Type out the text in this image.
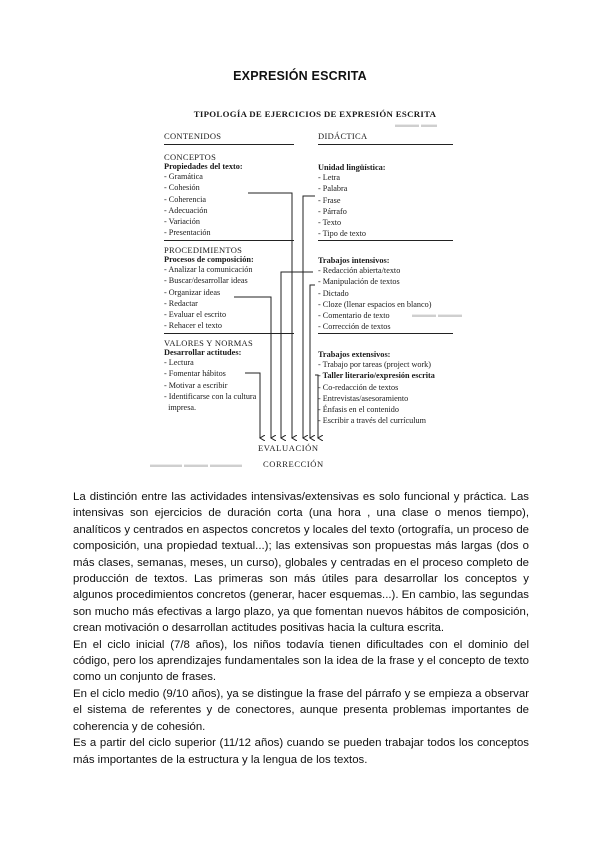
EXPRESIÓN ESCRITA
▬▬▬▬ ▬▬▬ ▬▬▬▬
▬▬▬ ▬▬
▬▬▬ ▬▬▬
TIPOLOGÍA DE EJERCICIOS DE EXPRESIÓN ESCRITA
CONTENIDOS	DIDÁCTICA
CONCEPTOS
Propiedades del texto:
- Gramática
- Cohesión
- Coherencia
- Adecuación
- Variación
- Presentación
Unidad lingüística:
- Letra
- Palabra
- Frase
- Párrafo
- Texto
- Tipo de texto
PROCEDIMIENTOS
Procesos de composición:
- Analizar la comunicación
- Buscar/desarrollar ideas
- Organizar ideas
- Redactar
- Evaluar el escrito
- Rehacer el texto
Trabajos intensivos:
- Redacción abierta/texto
- Manipulación de textos
- Dictado
- Cloze (llenar espacios en blanco)
- Comentario de texto
- Corrección de textos
VALORES Y NORMAS
Desarrollar actitudes:
- Lectura
- Fomentar hábitos
- Motivar a escribir
- Identificarse con la cultura
impresa.
Trabajos extensivos:
- Trabajo por tareas (project work)
- Taller literario/expresión escrita
- Co-redacción de textos
- Entrevistas/asesoramiento
- Énfasis en el contenido
- Escribir a través del currículum
EVALUACIÓN
CORRECCIÓN

La distinción entre las actividades intensivas/extensivas es solo funcional y práctica. Las intensivas son ejercicios de duración corta (una hora , una clase o menos tiempo), analíticos y centrados en aspectos concretos y locales del texto (ortografía, un proceso de composición, una propiedad textual...); las extensivas son propuestas más largas (dos o más clases, semanas, meses, un curso), globales y centradas en el proceso completo de producción de textos. Las primeras son más útiles para desarrollar los conceptos y algunos procedimientos concretos (generar, hacer esquemas...). En cambio, las segundas son mucho más efectivas a largo plazo, ya que fomentan nuevos hábitos de composición, crean motivación o desarrollan actitudes positivas hacia la cultura escrita.

En el ciclo inicial (7/8 años), los niños todavía tienen dificultades con el dominio del código, pero los aprendizajes fundamentales son la idea de la frase y el concepto de texto como un conjunto de frases.

En el ciclo medio (9/10 años), ya se distingue la frase del párrafo y se empieza a observar el sistema de referentes y de conectores, aunque presenta problemas importantes de coherencia y de cohesión.

Es a partir del ciclo superior (11/12 años) cuando se pueden trabajar todos los conceptos más importantes de la estructura y la lengua de los textos.
